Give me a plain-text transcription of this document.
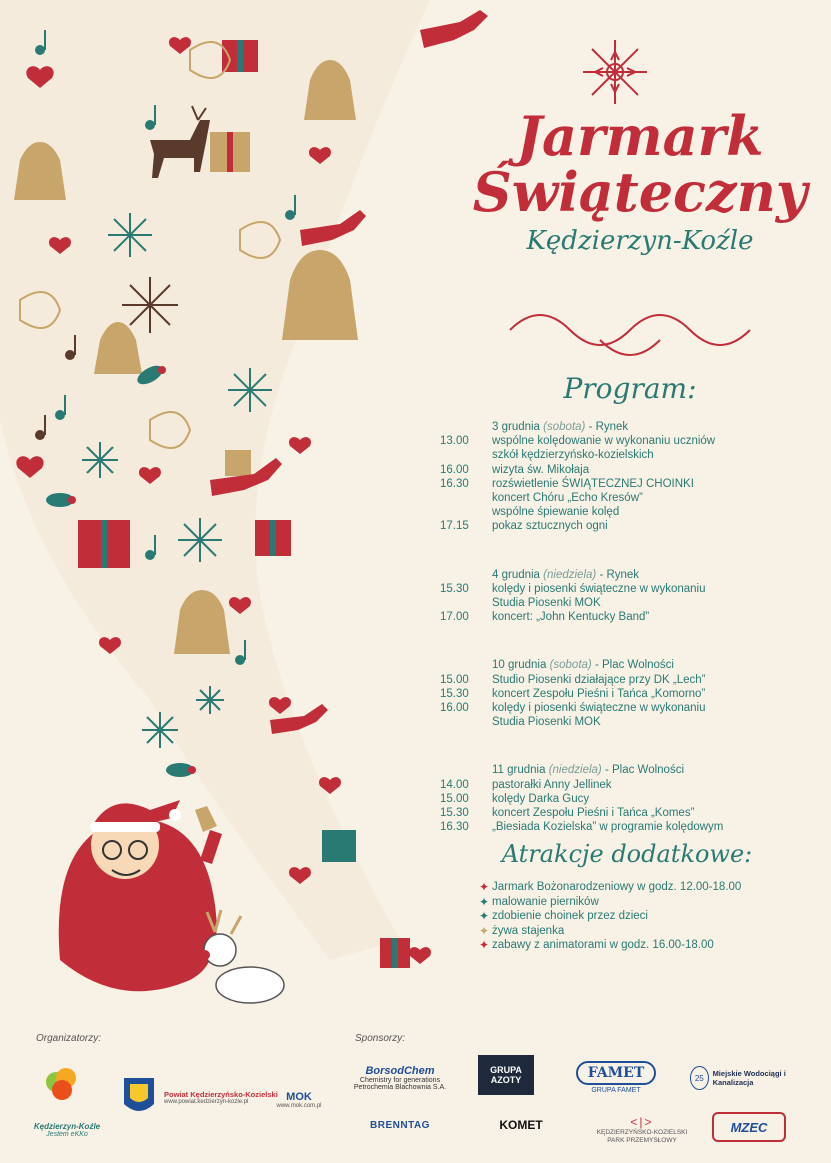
Jarmark
Świąteczny
Kędzierzyn-Koźle
Program:
3 grudnia (sobota) - Rynek
13.00	wspólne kolędowanie w wykonaniu uczniów
szkół kędzierzyńsko-kozielskich
16.00	wizyta św. Mikołaja
16.30	rozświetlenie ŚWIĄTECZNEJ CHOINKI
koncert Chóru „Echo Kresów”
wspólne śpiewanie kolęd
17.15	pokaz sztucznych ogni
4 grudnia (niedziela) - Rynek
15.30	kolędy i piosenki świąteczne w wykonaniu
Studia Piosenki MOK
17.00	koncert: „John Kentucky Band”
10 grudnia (sobota) - Plac Wolności
15.00	Studio Piosenki działające przy DK „Lech”
15.30	koncert Zespołu Pieśni i Tańca „Komorno”
16.00	kolędy i piosenki świąteczne w wykonaniu
Studia Piosenki MOK
11 grudnia (niedziela) - Plac Wolności
14.00	pastorałki Anny Jellinek
15.00	kolędy Darka Gucy
15.30	koncert Zespołu Pieśni i Tańca „Komes”
16.30	„Biesiada Kozielska” w programie kolędowym
Atrakcje dodatkowe:
✦ Jarmark Bożonarodzeniowy w godz. 12.00-18.00
✦ malowanie pierników
✦ zdobienie choinek przez dzieci
✦ żywa stajenka
✦ zabawy z animatorami w godz. 16.00-18.00
Organizatorzy:	Sponsorzy:
Kędzierzyn-Koźle
Jestem eKKo
Powiat Kędzierzyńsko-Kozielski
www.powiat.kedzierzyn-kozle.pl	MOK
www.mok.com.pl
BorsodChem
Chemistry for generations
Petrochemia Blachownia S.A.
GRUPA AZOTY	FAMET
GRUPA FAMET
25	Miejskie Wodociągi i Kanalizacja
BRENNTAG	KOMET	<|>
KĘDZIERZYŃSKO-KOZIELSKI PARK PRZEMYSŁOWY
MZEC
